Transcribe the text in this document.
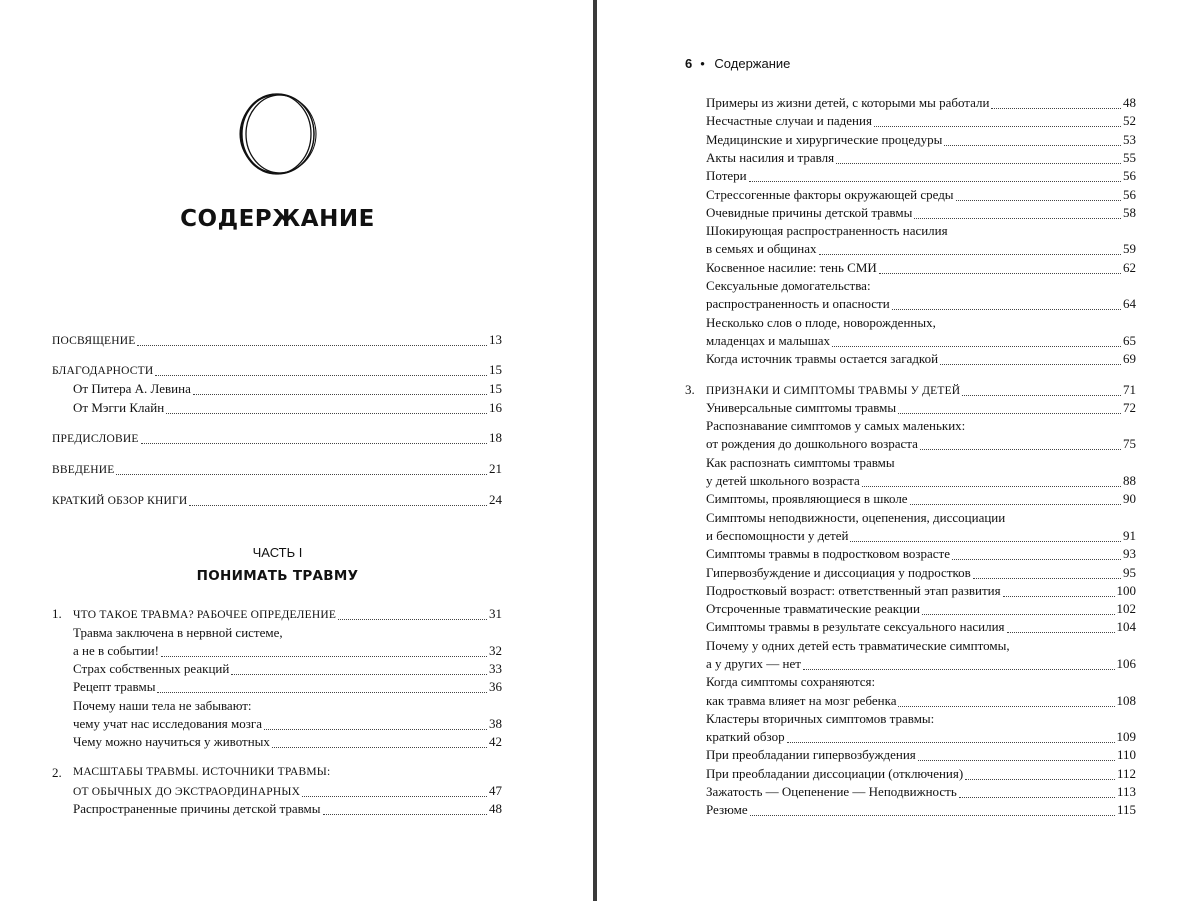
СОДЕРЖАНИЕ
ПОСВЯЩЕНИЕ	13
БЛАГОДАРНОСТИ	15
От Питера А. Левина	15
От Мэгги Клайн	16
ПРЕДИСЛОВИЕ	18
ВВЕДЕНИЕ	21
КРАТКИЙ ОБЗОР КНИГИ	24
ЧАСТЬ I
ПОНИМАТЬ ТРАВМУ
1. ЧТО ТАКОЕ ТРАВМА? РАБОЧЕЕ ОПРЕДЕЛЕНИЕ	31
Травма заключена в нервной системе,
а не в событии!	32
Страх собственных реакций	33
Рецепт травмы	36
Почему наши тела не забывают:
чему учат нас исследования мозга	38
Чему можно научиться у животных	42
2. МАСШТАБЫ ТРАВМЫ. ИСТОЧНИКИ ТРАВМЫ:
ОТ ОБЫЧНЫХ ДО ЭКСТРАОРДИНАРНЫХ	47
Распространенные причины детской травмы	48
6 • Содержание
Примеры из жизни детей, с которыми мы работали	48
Несчастные случаи и падения	52
Медицинские и хирургические процедуры	53
Акты насилия и травля	55
Потери	56
Стрессогенные факторы окружающей среды	56
Очевидные причины детской травмы	58
Шокирующая распространенность насилия
в семьях и общинах	59
Косвенное насилие: тень СМИ	62
Сексуальные домогательства:
распространенность и опасности	64
Несколько слов о плоде, новорожденных,
младенцах и малышах	65
Когда источник травмы остается загадкой	69
3. ПРИЗНАКИ И СИМПТОМЫ ТРАВМЫ У ДЕТЕЙ	71
Универсальные симптомы травмы	72
Распознавание симптомов у самых маленьких:
от рождения до дошкольного возраста	75
Как распознать симптомы травмы
у детей школьного возраста	88
Симптомы, проявляющиеся в школе	90
Симптомы неподвижности, оцепенения, диссоциации
и беспомощности у детей	91
Симптомы травмы в подростковом возрасте	93
Гипервозбуждение и диссоциация у подростков	95
Подростковый возраст: ответственный этап развития	100
Отсроченные травматические реакции	102
Симптомы травмы в результате сексуального насилия	104
Почему у одних детей есть травматические симптомы,
а у других — нет	106
Когда симптомы сохраняются:
как травма влияет на мозг ребенка	108
Кластеры вторичных симптомов травмы:
краткий обзор	109
При преобладании гипервозбуждения	110
При преобладании диссоциации (отключения)	112
Зажатость — Оцепенение — Неподвижность	113
Резюме	115
